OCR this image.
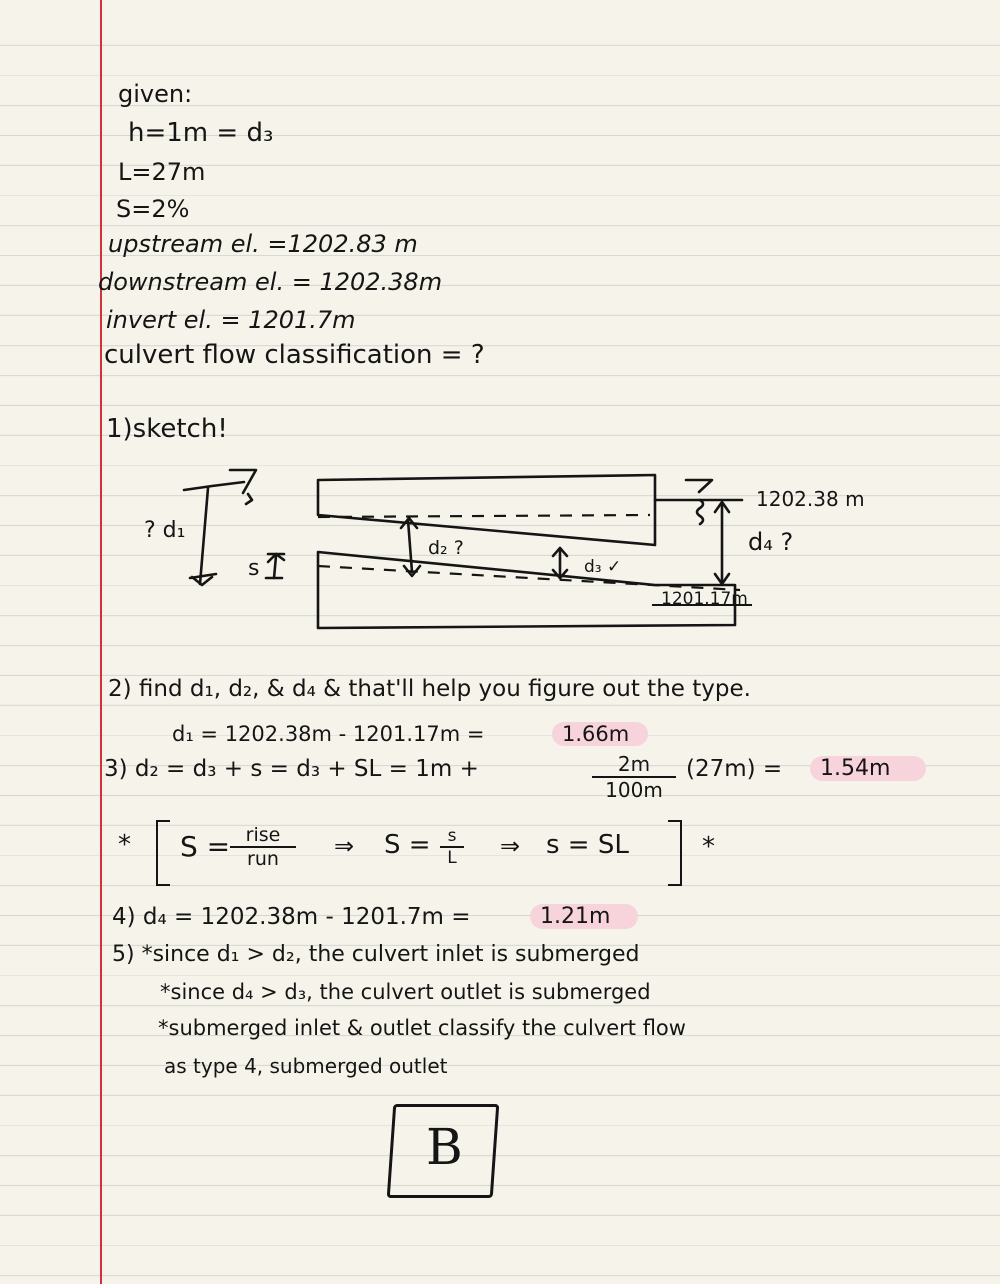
given:
h=1m = d₃
L=27m
S=2%
upstream el. =1202.83 m
downstream el. = 1202.38m
invert el. = 1201.7m
culvert flow classification = ?
1)sketch!
? d₁
s
d₂ ?
d₃ ✓
1202.38 m
d₄ ?
1201.17m
2) find d₁, d₂, & d₄ & that'll help you figure out the type.
d₁ = 1202.38m - 1201.17m =	1.66m
3) d₂ = d₃ + s = d₃ + SL = 1m +	$\frac{2m}{100m} (27m)$ =	1.54m
* S = rise
run	⇒ $S = \frac{s}{L}$ ⇒ s = SL	*
4) d₄ = 1202.38m - 1201.7m =	1.21m
5) *since d₁ > d₂, the culvert inlet is submerged
*since d₄ > d₃, the culvert outlet is submerged
*submerged inlet & outlet classify the culvert flow
as type 4, submerged outlet
B
